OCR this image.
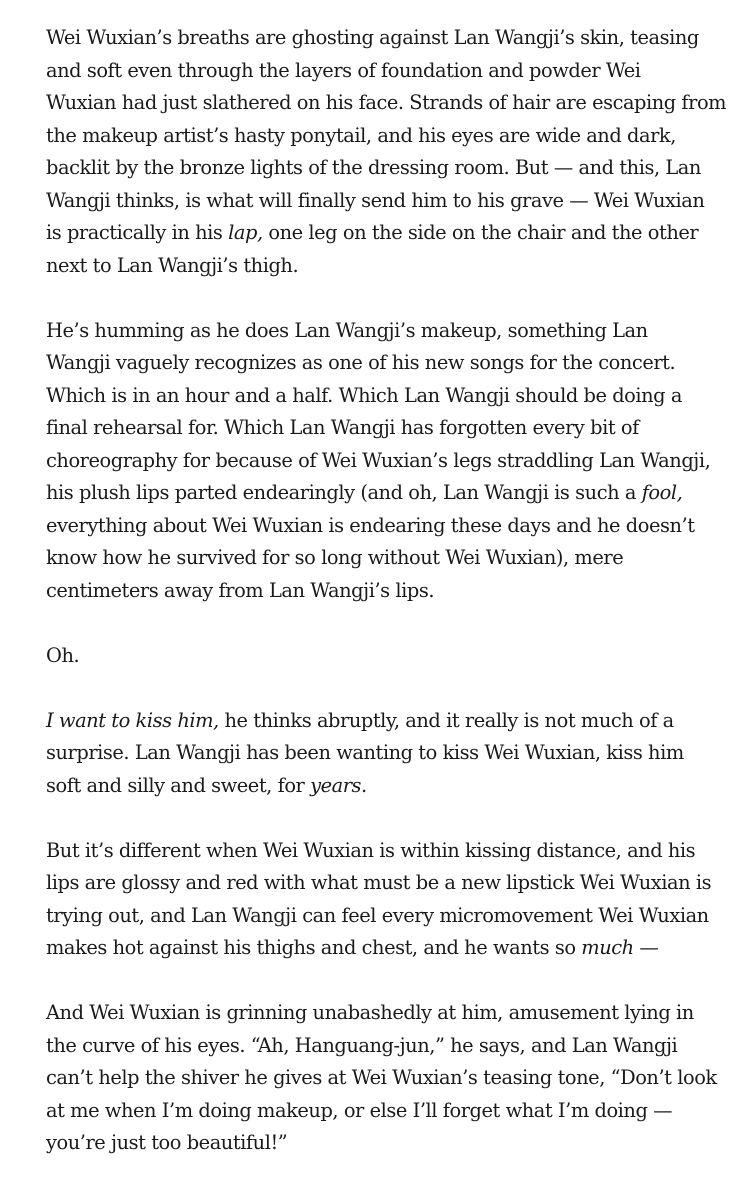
Wei Wuxian’s breaths are ghosting against Lan Wangji’s skin, teasing
and soft even through the layers of foundation and powder Wei
Wuxian had just slathered on his face. Strands of hair are escaping from
the makeup artist’s hasty ponytail, and his eyes are wide and dark,
backlit by the bronze lights of the dressing room. But — and this, Lan
Wangji thinks, is what will finally send him to his grave — Wei Wuxian
is practically in his lap, one leg on the side on the chair and the other
next to Lan Wangji’s thigh.
He’s humming as he does Lan Wangji’s makeup, something Lan
Wangji vaguely recognizes as one of his new songs for the concert.
Which is in an hour and a half. Which Lan Wangji should be doing a
final rehearsal for. Which Lan Wangji has forgotten every bit of
choreography for because of Wei Wuxian’s legs straddling Lan Wangji,
his plush lips parted endearingly (and oh, Lan Wangji is such a fool,
everything about Wei Wuxian is endearing these days and he doesn’t
know how he survived for so long without Wei Wuxian), mere
centimeters away from Lan Wangji’s lips.
Oh.
I want to kiss him, he thinks abruptly, and it really is not much of a
surprise. Lan Wangji has been wanting to kiss Wei Wuxian, kiss him
soft and silly and sweet, for years.
But it’s different when Wei Wuxian is within kissing distance, and his
lips are glossy and red with what must be a new lipstick Wei Wuxian is
trying out, and Lan Wangji can feel every micromovement Wei Wuxian
makes hot against his thighs and chest, and he wants so much —
And Wei Wuxian is grinning unabashedly at him, amusement lying in
the curve of his eyes. “Ah, Hanguang-jun,” he says, and Lan Wangji
can’t help the shiver he gives at Wei Wuxian’s teasing tone, “Don’t look
at me when I’m doing makeup, or else I’ll forget what I’m doing —
you’re just too beautiful!”
